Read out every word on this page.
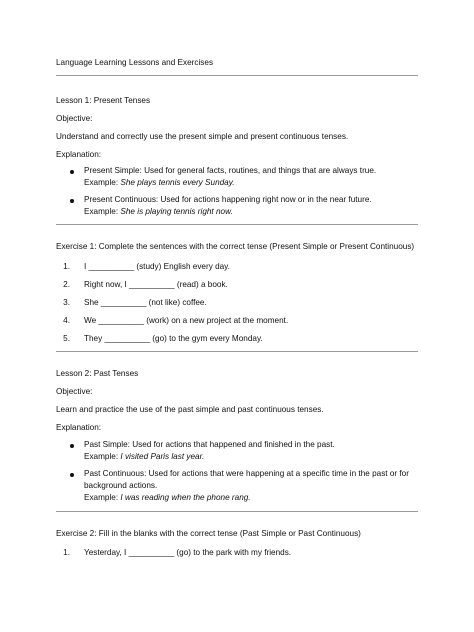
Language Learning Lessons and Exercises
Lesson 1: Present Tenses
Objective:
Understand and correctly use the present simple and present continuous tenses.
Explanation:
Present Simple: Used for general facts, routines, and things that are always true.
Example: She plays tennis every Sunday.
Present Continuous: Used for actions happening right now or in the near future.
Example: She is playing tennis right now.
Exercise 1: Complete the sentences with the correct tense (Present Simple or Present Continuous)
1. I __________ (study) English every day.
2. Right now, I __________ (read) a book.
3. She __________ (not like) coffee.
4. We __________ (work) on a new project at the moment.
5. They __________ (go) to the gym every Monday.
Lesson 2: Past Tenses
Objective:
Learn and practice the use of the past simple and past continuous tenses.
Explanation:
Past Simple: Used for actions that happened and finished in the past.
Example: I visited Paris last year.
Past Continuous: Used for actions that were happening at a specific time in the past or for
background actions.
Example: I was reading when the phone rang.
Exercise 2: Fill in the blanks with the correct tense (Past Simple or Past Continuous)
1. Yesterday, I __________ (go) to the park with my friends.
